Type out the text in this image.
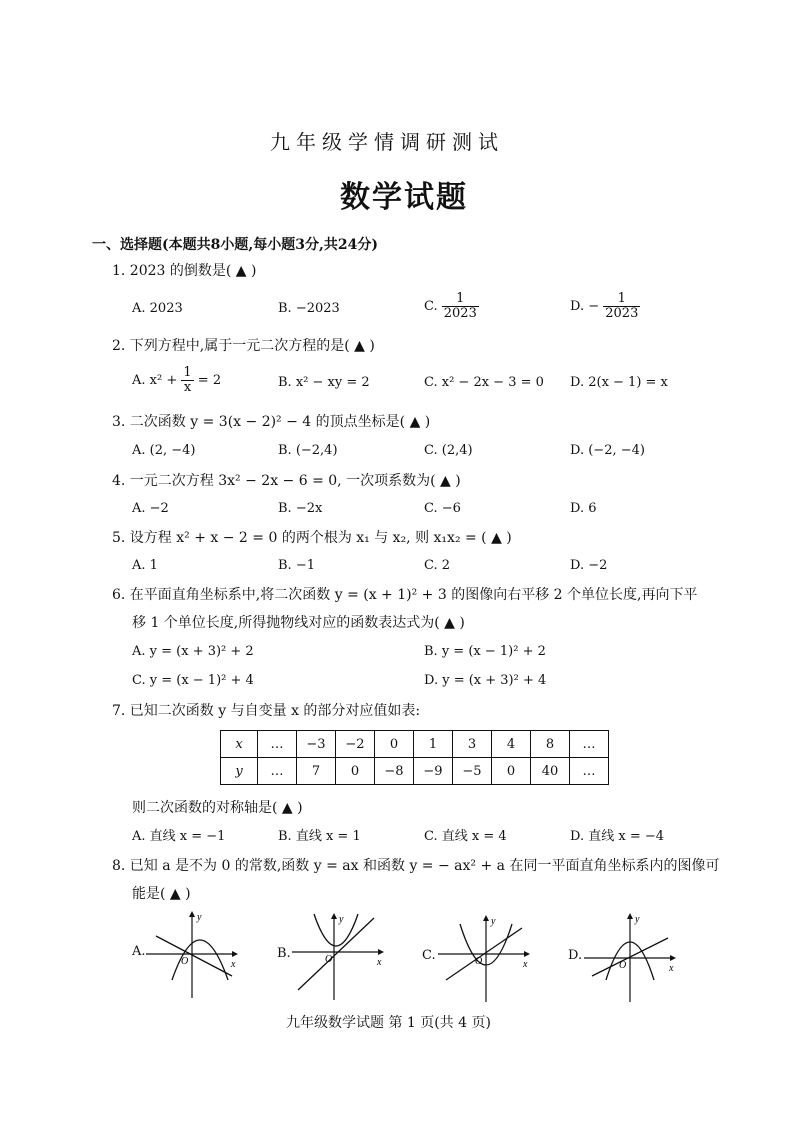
九年级学情调研测试
数学试题
一、选择题(本题共8小题,每小题3分,共24分)
1. 2023 的倒数是( ▲ )
A. 2023	B. −2023	C. $\frac{1}{2023}$	D. − $\frac{1}{2023}$
2. 下列方程中,属于一元二次方程的是( ▲ )
A. $x^2 + \frac{1}{x} = 2$	B. x² − xy = 2	C. x² − 2x − 3 = 0 D. 2(x − 1) = x
3. 二次函数 y = 3(x − 2)² − 4 的顶点坐标是( ▲ )
A. (2, −4)	B. (−2,4)	C. (2,4)	D. (−2, −4)
4. 一元二次方程 3x² − 2x − 6 = 0, 一次项系数为( ▲ )
A. −2	B. −2x	C. −6	D. 6
5. 设方程 x² + x − 2 = 0 的两个根为 x₁ 与 x₂, 则 x₁x₂ = ( ▲ )
A. 1	B. −1	C. 2	D. −2
6. 在平面直角坐标系中,将二次函数 y = (x + 1)² + 3 的图像向右平移 2 个单位长度,再向下平
移 1 个单位长度,所得抛物线对应的函数表达式为( ▲ )
A. y = (x + 3)² + 2	B. y = (x − 1)² + 2
C. y = (x − 1)² + 4	D. y = (x + 3)² + 4
7. 已知二次函数 y 与自变量 x 的部分对应值如表:
x	…	−3	−2	0	1	3	4	8	…
y	…	7	0	−8	−9	−5	0	40	…
则二次函数的对称轴是( ▲ )
A. 直线 x = −1	B. 直线 x = 1	C. 直线 x = 4	D. 直线 x = −4
8. 已知 a 是不为 0 的常数,函数 y = ax 和函数 y = − ax² + a 在同一平面直角坐标系内的图像可
能是( ▲ )
A.	B.	C.	D.
y
x
O
y
x
O
y
x
O
y
x
O
九年级数学试题 第 1 页(共 4 页)
